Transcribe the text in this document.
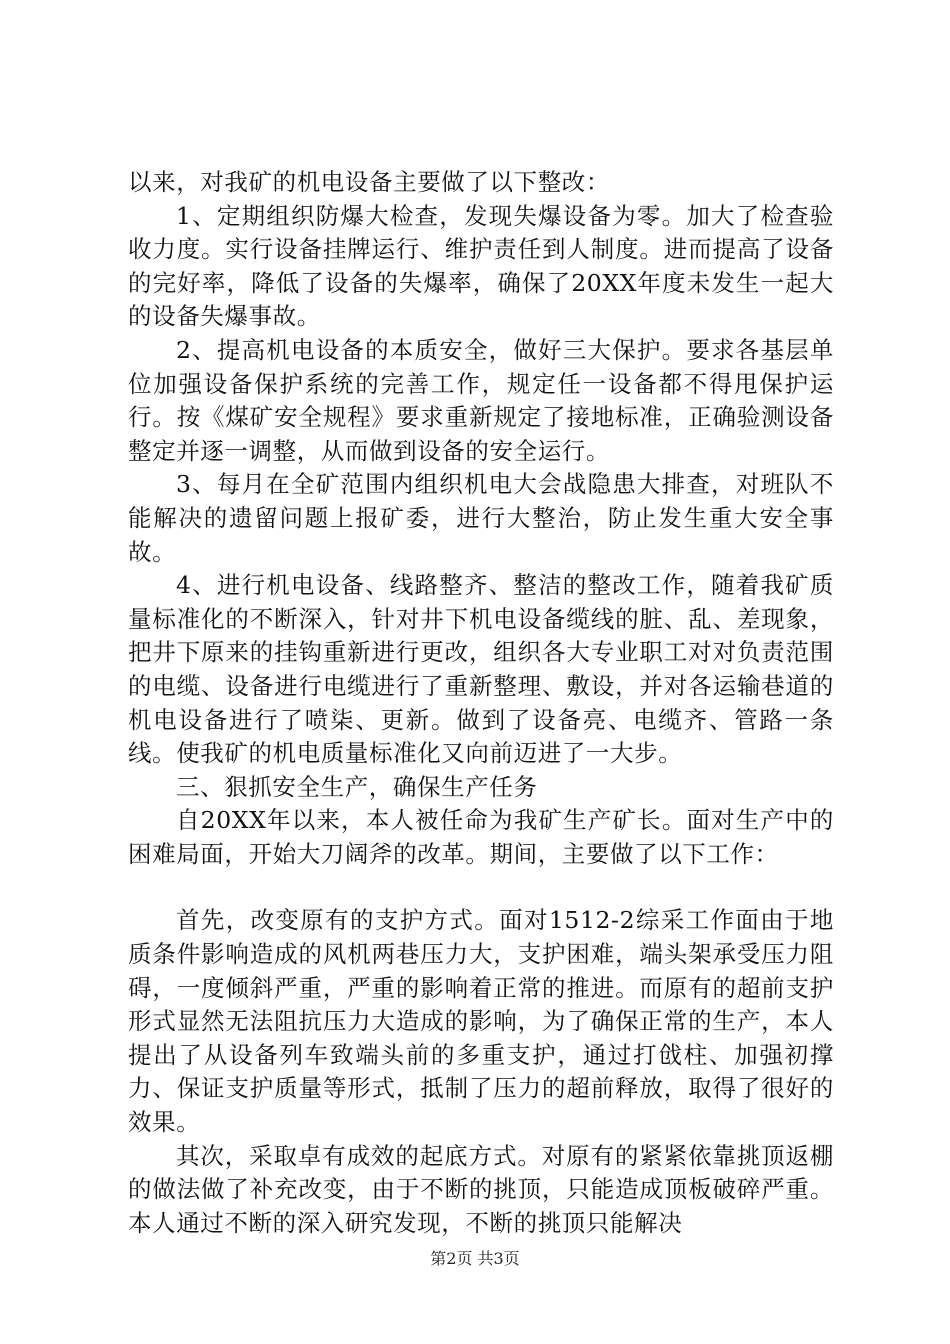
以来，对我矿的机电设备主要做了以下整改：

1、定期组织防爆大检查，发现失爆设备为零。加大了检查验收力度。实行设备挂牌运行、维护责任到人制度。进而提高了设备的完好率，降低了设备的失爆率，确保了20XX年度未发生一起大的设备失爆事故。

2、提高机电设备的本质安全，做好三大保护。要求各基层单位加强设备保护系统的完善工作，规定任一设备都不得甩保护运行。按《煤矿安全规程》要求重新规定了接地标准，正确验测设备整定并逐一调整，从而做到设备的安全运行。

3、每月在全矿范围内组织机电大会战隐患大排查，对班队不能解决的遗留问题上报矿委，进行大整治，防止发生重大安全事故。

4、进行机电设备、线路整齐、整洁的整改工作，随着我矿质量标准化的不断深入，针对井下机电设备缆线的脏、乱、差现象，把井下原来的挂钩重新进行更改，组织各大专业职工对对负责范围的电缆、设备进行电缆进行了重新整理、敷设，并对各运输巷道的机电设备进行了喷柒、更新。做到了设备亮、电缆齐、管路一条线。使我矿的机电质量标准化又向前迈进了一大步。

三、狠抓安全生产，确保生产任务

自20XX年以来，本人被任命为我矿生产矿长。面对生产中的困难局面，开始大刀阔斧的改革。期间，主要做了以下工作：

首先，改变原有的支护方式。面对1512-2综采工作面由于地质条件影响造成的风机两巷压力大，支护困难，端头架承受压力阻碍，一度倾斜严重，严重的影响着正常的推进。而原有的超前支护形式显然无法阻抗压力大造成的影响，为了确保正常的生产，本人提出了从设备列车致端头前的多重支护，通过打戗柱、加强初撑力、保证支护质量等形式，抵制了压力的超前释放，取得了很好的效果。

其次，采取卓有成效的起底方式。对原有的紧紧依靠挑顶返棚的做法做了补充改变，由于不断的挑顶，只能造成顶板破碎严重。本人通过不断的深入研究发现，不断的挑顶只能解决

第2页 共3页
